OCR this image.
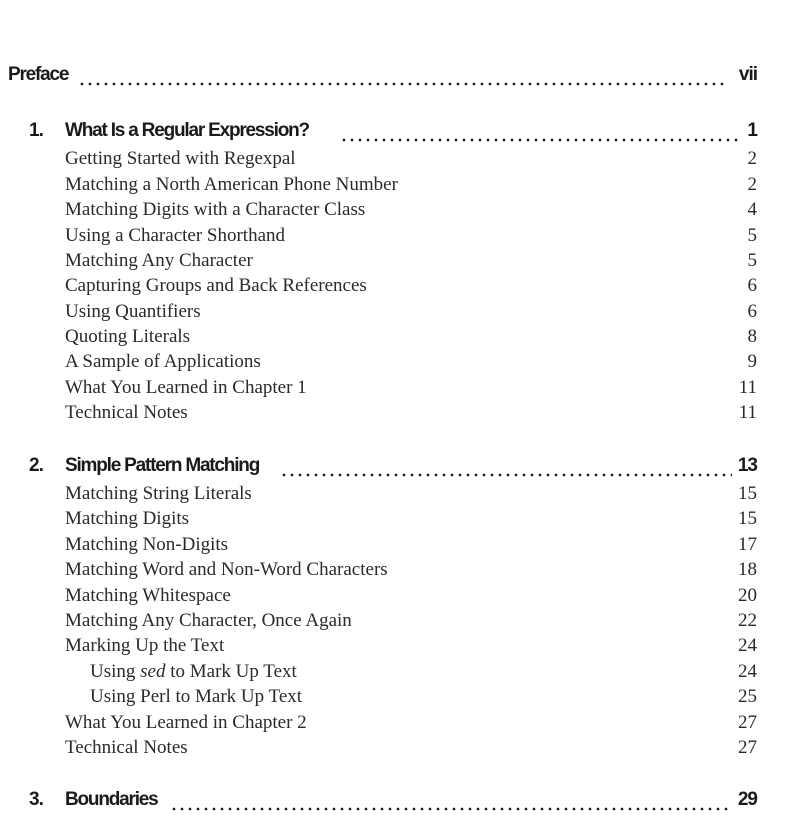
Preface	vii
1. What Is a Regular Expression?	1
Getting Started with Regexpal	2
Matching a North American Phone Number	2
Matching Digits with a Character Class	4
Using a Character Shorthand	5
Matching Any Character	5
Capturing Groups and Back References	6
Using Quantifiers	6
Quoting Literals	8
A Sample of Applications	9
What You Learned in Chapter 1	11
Technical Notes	11
2. Simple Pattern Matching	13
Matching String Literals	15
Matching Digits	15
Matching Non-Digits	17
Matching Word and Non-Word Characters	18
Matching Whitespace	20
Matching Any Character, Once Again	22
Marking Up the Text	24
Using sed to Mark Up Text	24
Using Perl to Mark Up Text	25
What You Learned in Chapter 2	27
Technical Notes	27
3. Boundaries	29
